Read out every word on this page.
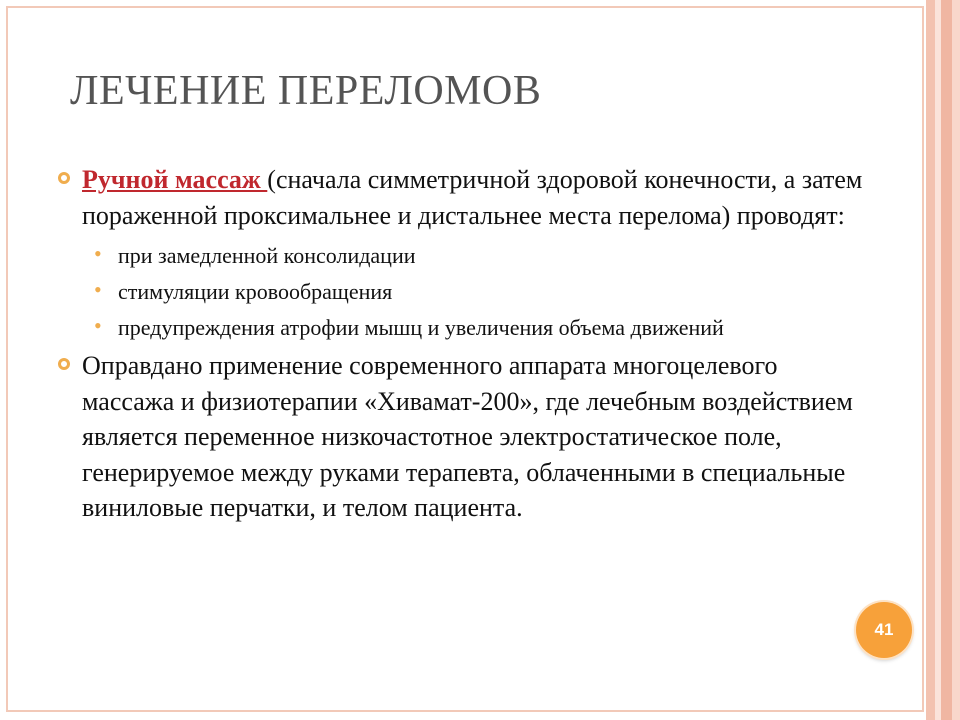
ЛЕЧЕНИЕ ПЕРЕЛОМОВ
Ручной массаж (сначала симметричной здоровой конечности, а затем пораженной проксимальнее и дистальнее места перелома) проводят:
• при замедленной консолидации
• стимуляции кровообращения
• предупреждения атрофии мышц и увеличения объема движений
Оправдано применение современного аппарата многоцелевого массажа и физиотерапии «Хивамат-200», где лечебным воздействием является переменное низкочастотное электростатическое поле, генерируемое между руками терапевта, облаченными в специальные виниловые перчатки, и телом пациента.
41
